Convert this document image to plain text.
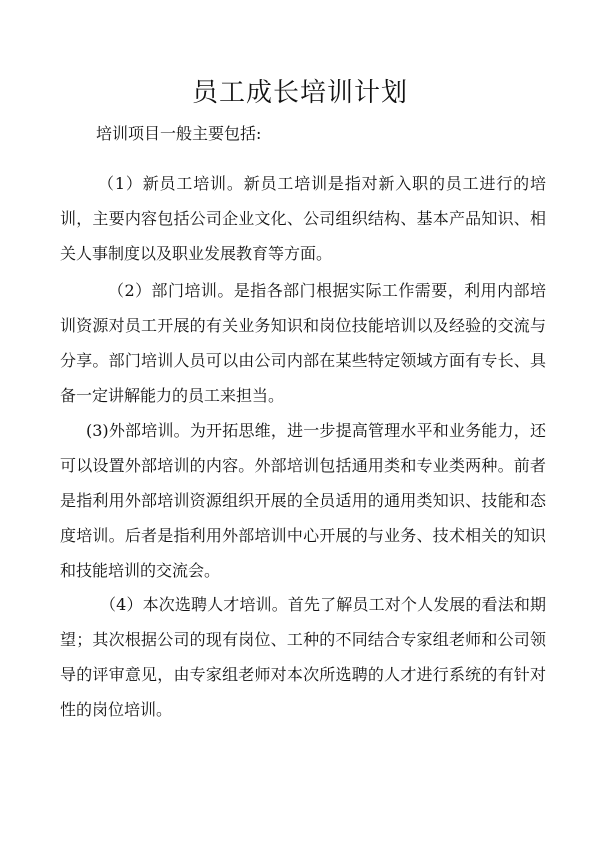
员工成长培训计划

培训项目一般主要包括:

（1）新员工培训。新员工培训是指对新入职的员工进行的培训，主要内容包括公司企业文化、公司组织结构、基本产品知识、相关人事制度以及职业发展教育等方面。

（2）部门培训。是指各部门根据实际工作需要，利用内部培训资源对员工开展的有关业务知识和岗位技能培训以及经验的交流与分享。部门培训人员可以由公司内部在某些特定领域方面有专长、具备一定讲解能力的员工来担当。

(3)外部培训。为开拓思维，进一步提高管理水平和业务能力，还可以设置外部培训的内容。外部培训包括通用类和专业类两种。前者是指利用外部培训资源组织开展的全员适用的通用类知识、技能和态度培训。后者是指利用外部培训中心开展的与业务、技术相关的知识和技能培训的交流会。

（4）本次选聘人才培训。首先了解员工对个人发展的看法和期望；其次根据公司的现有岗位、工种的不同结合专家组老师和公司领导的评审意见，由专家组老师对本次所选聘的人才进行系统的有针对性的岗位培训。
